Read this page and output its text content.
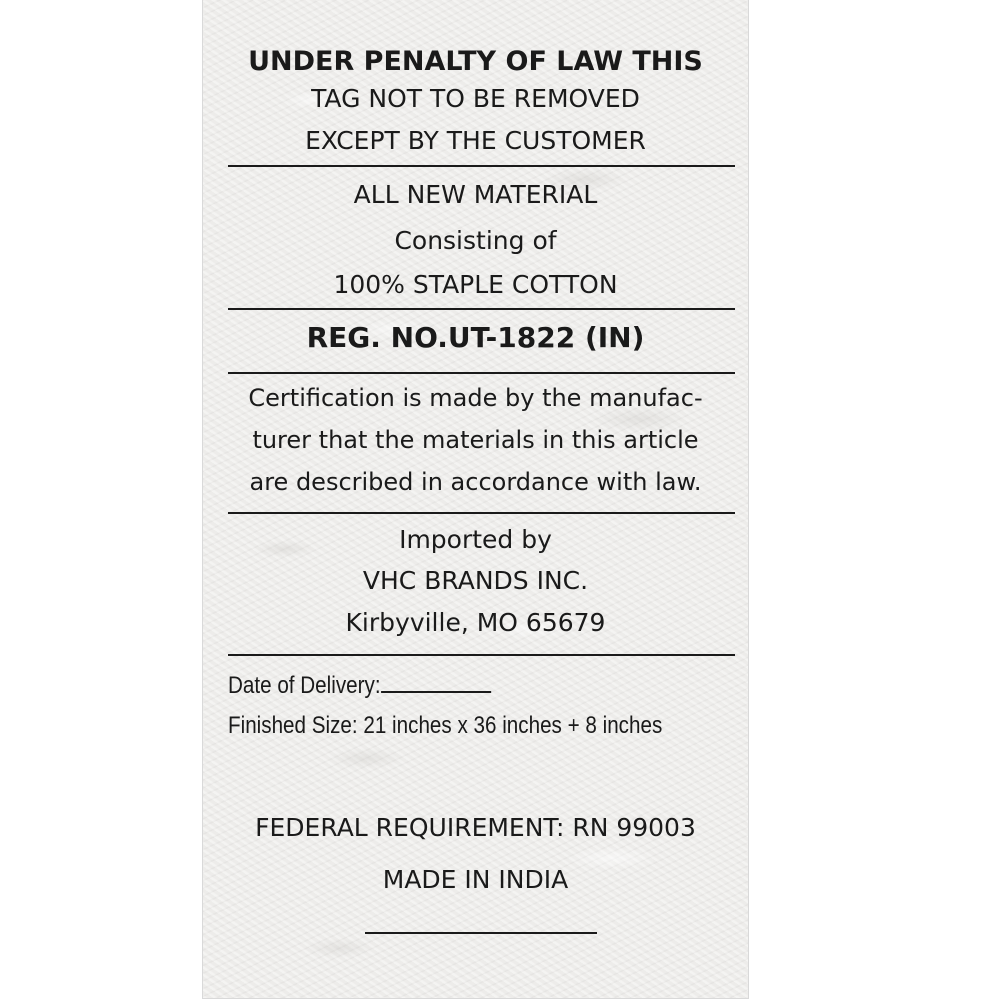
UNDER PENALTY OF LAW THIS
TAG NOT TO BE REMOVED
EXCEPT BY THE CUSTOMER
ALL NEW MATERIAL
Consisting of
100% STAPLE COTTON
REG. NO.UT-1822 (IN)
Certification is made by the manufac-
turer that the materials in this article
are described in accordance with law.
Imported by
VHC BRANDS INC.
Kirbyville, MO 65679
Date of Delivery:
Finished Size: 21 inches x 36 inches + 8 inches
FEDERAL REQUIREMENT: RN 99003
MADE IN INDIA
